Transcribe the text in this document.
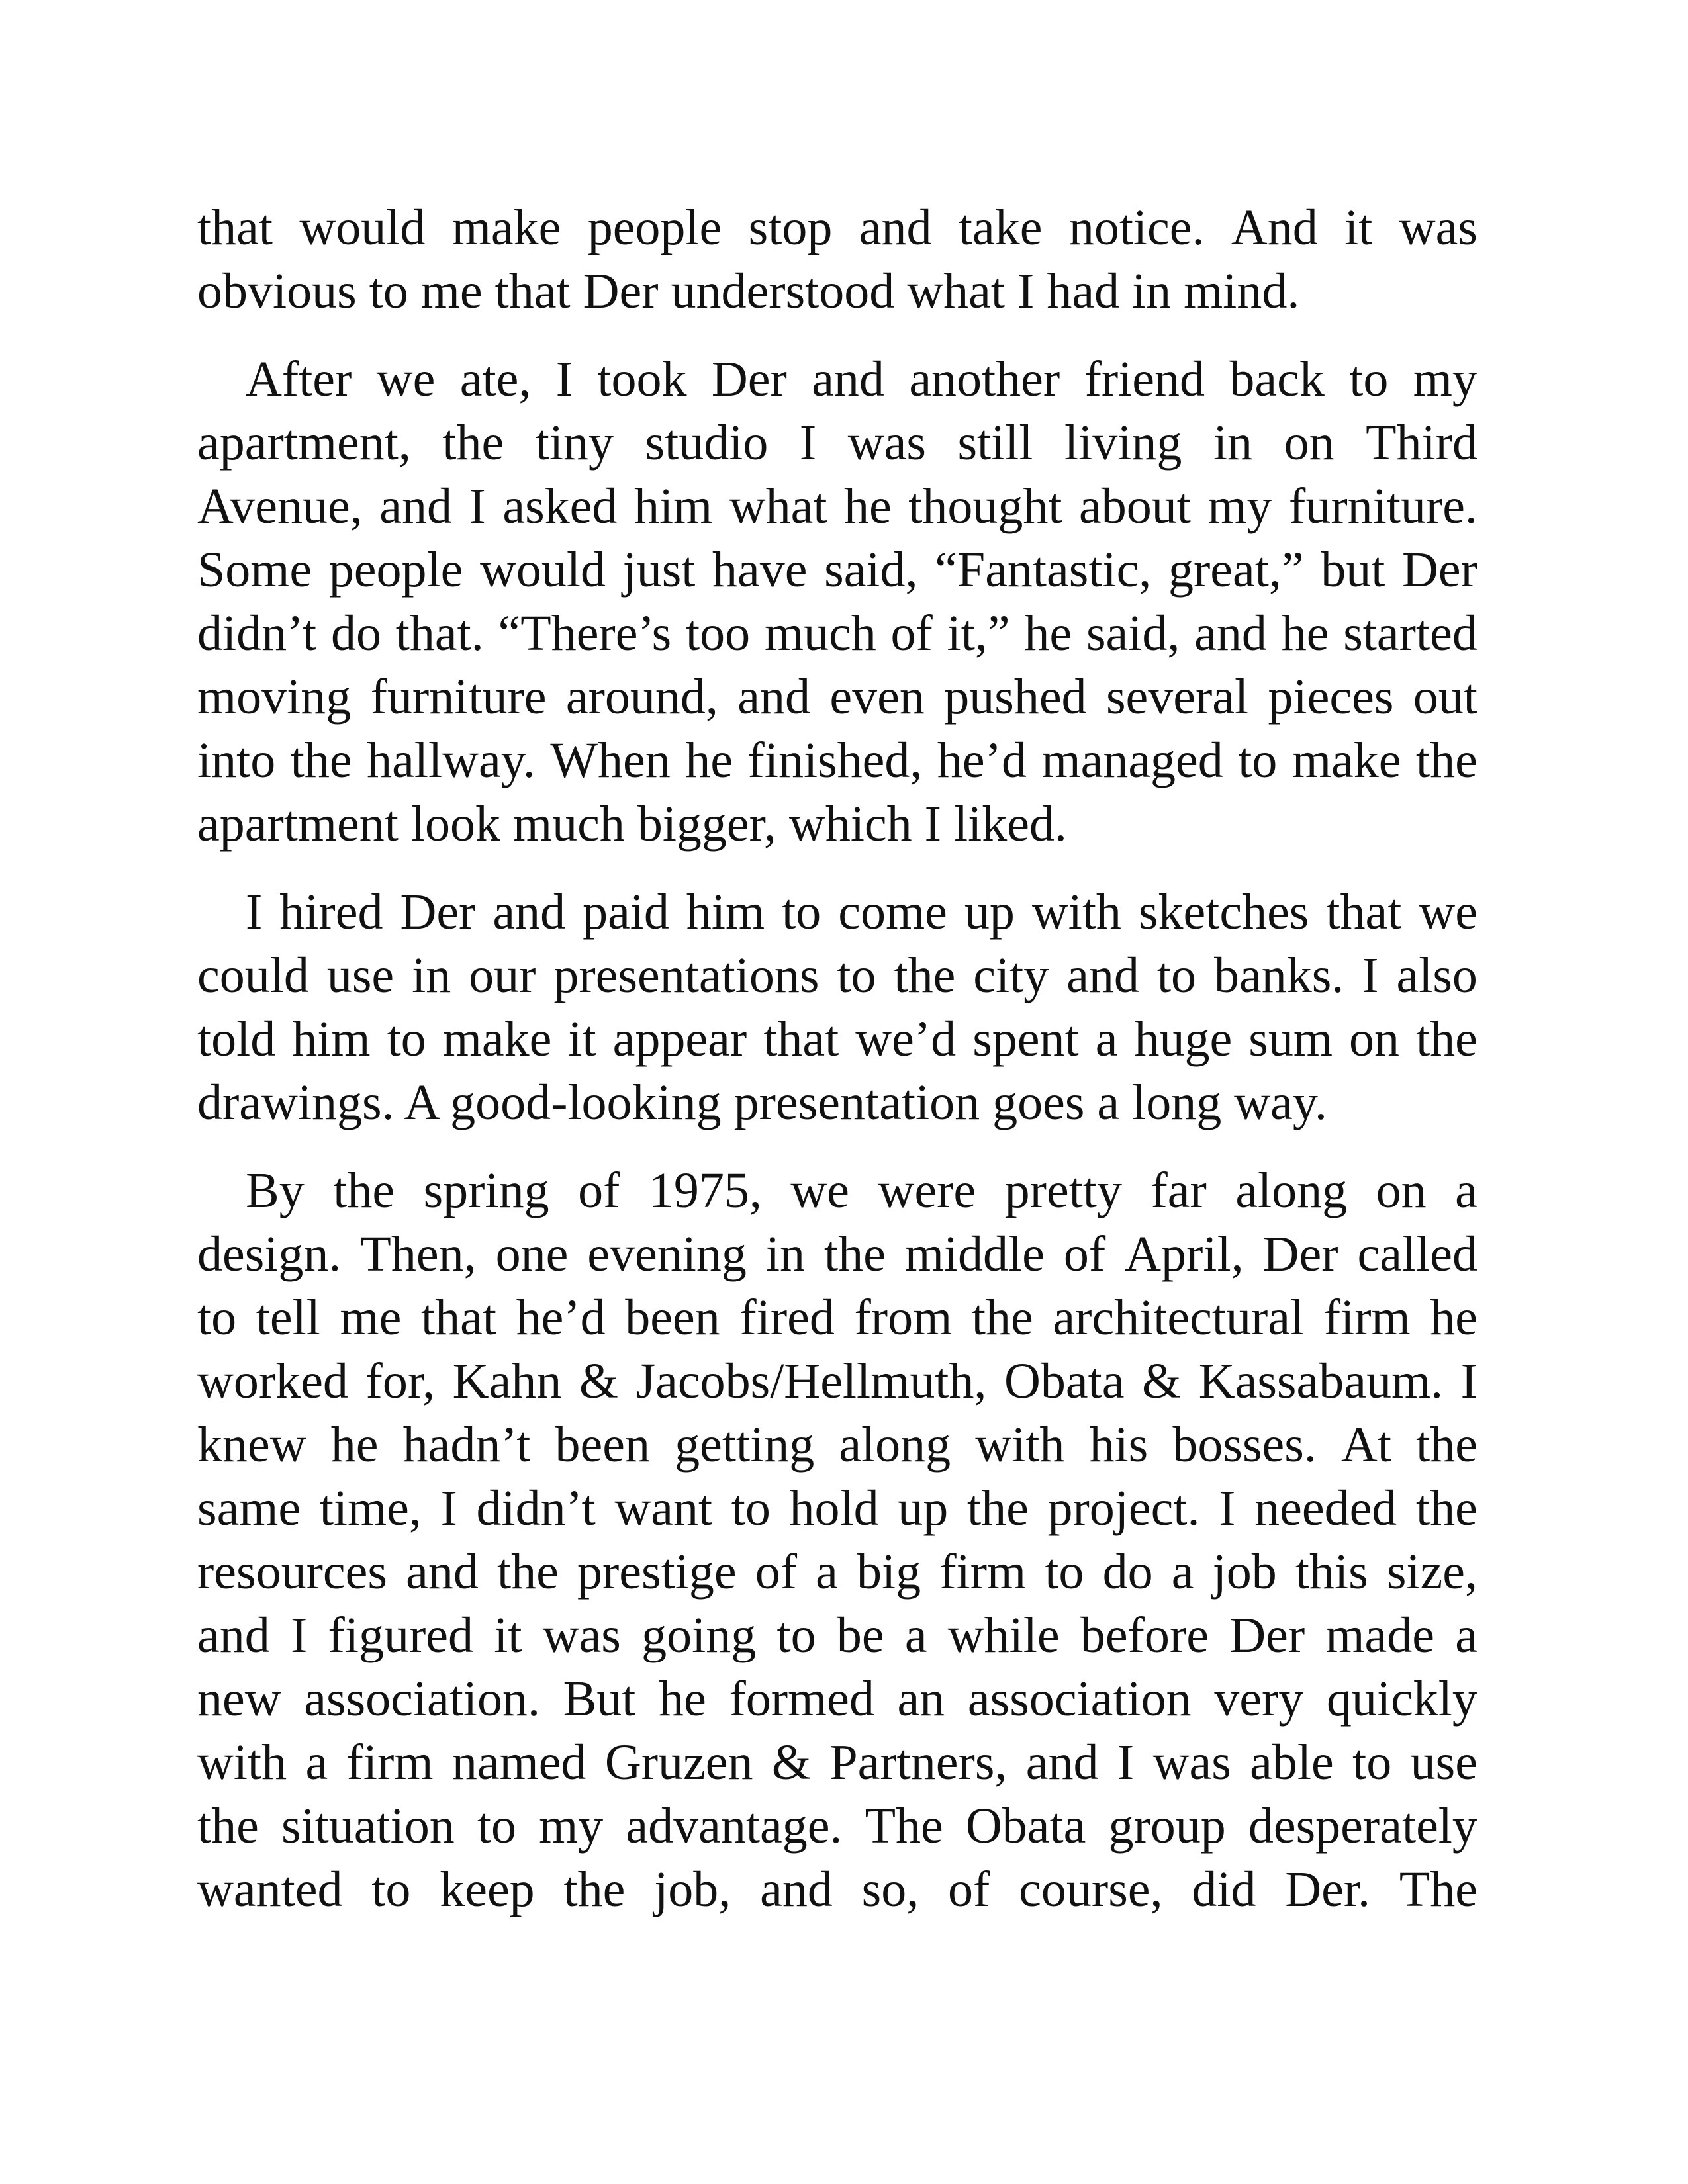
that would make people stop and take notice. And it was
obvious to me that Der understood what I had in mind.

After we ate, I took Der and another friend back to my
apartment, the tiny studio I was still living in on Third
Avenue, and I asked him what he thought about my furniture.
Some people would just have said, “Fantastic, great,” but Der
didn’t do that. “There’s too much of it,” he said, and he started
moving furniture around, and even pushed several pieces out
into the hallway. When he finished, he’d managed to make the
apartment look much bigger, which I liked.

I hired Der and paid him to come up with sketches that we
could use in our presentations to the city and to banks. I also
told him to make it appear that we’d spent a huge sum on the
drawings. A good-looking presentation goes a long way.

By the spring of 1975, we were pretty far along on a
design. Then, one evening in the middle of April, Der called
to tell me that he’d been fired from the architectural firm he
worked for, Kahn & Jacobs/Hellmuth, Obata & Kassabaum. I
knew he hadn’t been getting along with his bosses. At the
same time, I didn’t want to hold up the project. I needed the
resources and the prestige of a big firm to do a job this size,
and I figured it was going to be a while before Der made a
new association. But he formed an association very quickly
with a firm named Gruzen & Partners, and I was able to use
the situation to my advantage. The Obata group desperately
wanted to keep the job, and so, of course, did Der. The
